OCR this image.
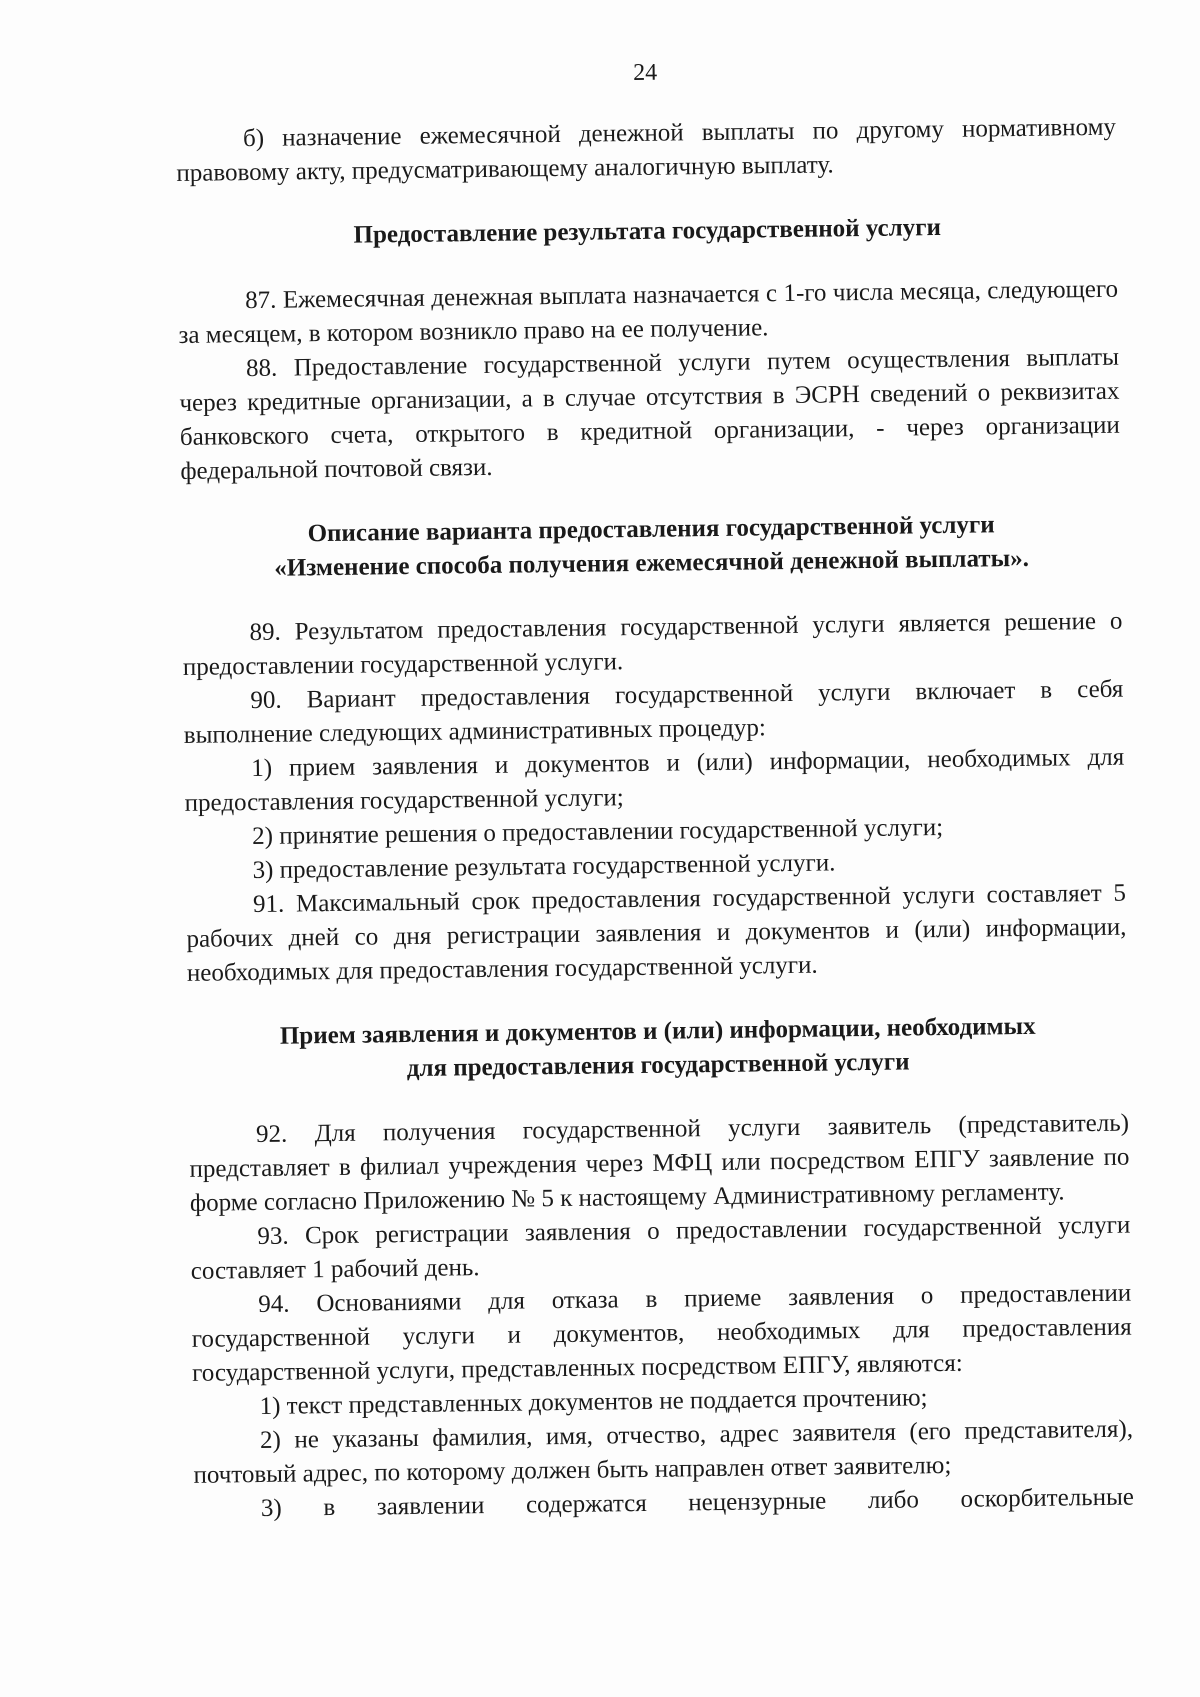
24

б) назначение ежемесячной денежной выплаты по другому нормативному правовому акту, предусматривающему аналогичную выплату.

Предоставление результата государственной услуги

87. Ежемесячная денежная выплата назначается с 1-го числа месяца, следующего за месяцем, в котором возникло право на ее получение.

88. Предоставление государственной услуги путем осуществления выплаты через кредитные организации, а в случае отсутствия в ЭСРН сведений о реквизитах банковского счета, открытого в кредитной организации, - через организации федеральной почтовой связи.

Описание варианта предоставления государственной услуги
«Изменение способа получения ежемесячной денежной выплаты».

89. Результатом предоставления государственной услуги является решение о предоставлении государственной услуги.

90. Вариант предоставления государственной услуги включает в себя выполнение следующих административных процедур:

1) прием заявления и документов и (или) информации, необходимых для предоставления государственной услуги;

2) принятие решения о предоставлении государственной услуги;

3) предоставление результата государственной услуги.

91. Максимальный срок предоставления государственной услуги составляет 5 рабочих дней со дня регистрации заявления и документов и (или) информации, необходимых для предоставления государственной услуги.

Прием заявления и документов и (или) информации, необходимых
для предоставления государственной услуги

92. Для получения государственной услуги заявитель (представитель) представляет в филиал учреждения через МФЦ или посредством ЕПГУ заявление по форме согласно Приложению № 5 к настоящему Административному регламенту.

93. Срок регистрации заявления о предоставлении государственной услуги составляет 1 рабочий день.

94. Основаниями для отказа в приеме заявления о предоставлении государственной услуги и документов, необходимых для предоставления государственной услуги, представленных посредством ЕПГУ, являются:

1) текст представленных документов не поддается прочтению;

2) не указаны фамилия, имя, отчество, адрес заявителя (его представителя), почтовый адрес, по которому должен быть направлен ответ заявителю;

3) в заявлении содержатся нецензурные либо оскорбительные
